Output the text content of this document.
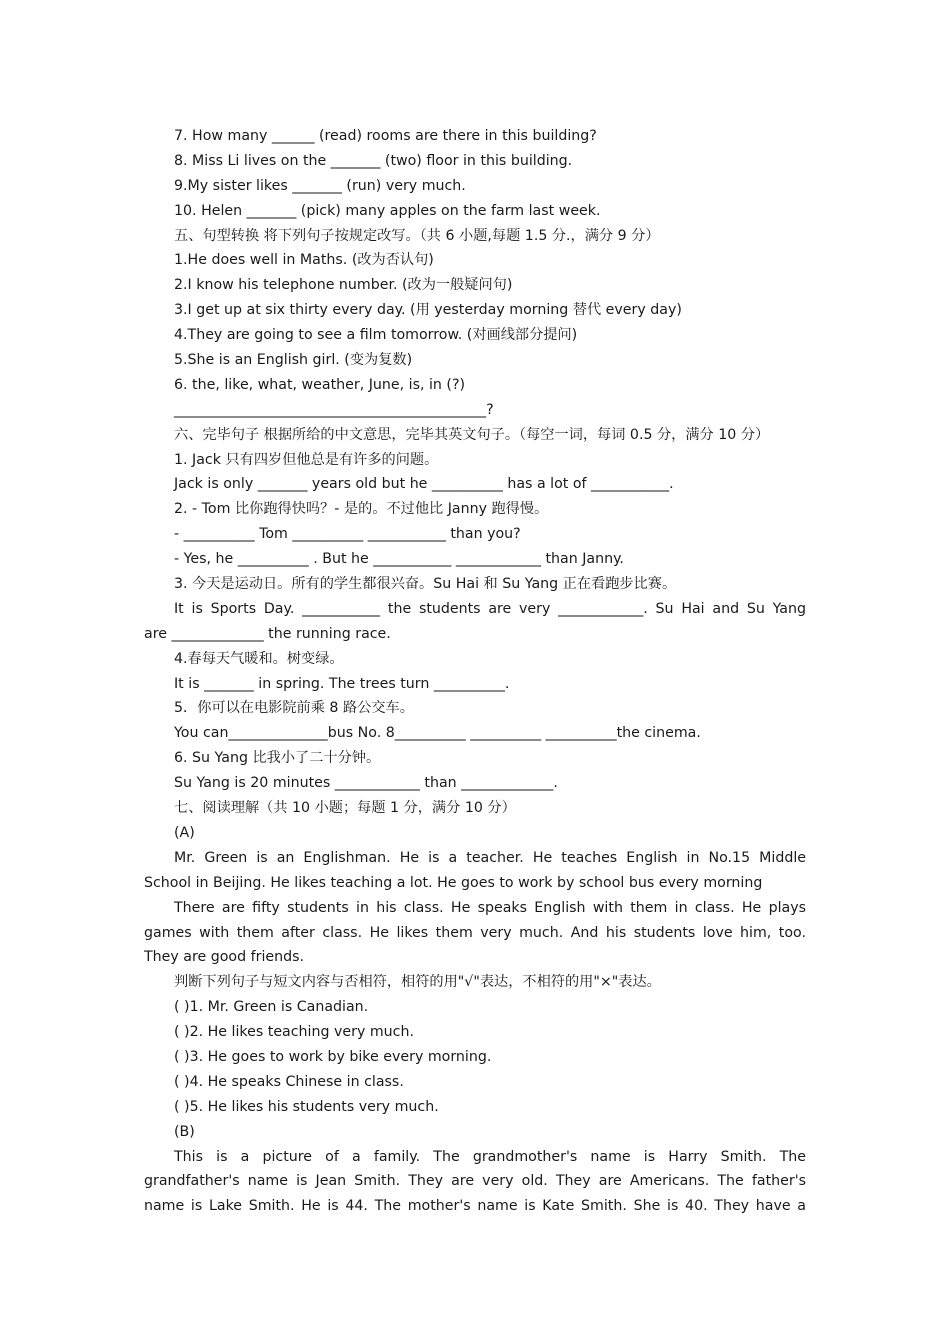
7. How many ______ (read) rooms are there in this building?
8. Miss Li lives on the _______ (two) floor in this building.
9.My sister likes _______ (run) very much.
10. Helen _______ (pick) many apples on the farm last week.
五、句型转换 将下列句子按规定改写。（共 6 小题,每题 1.5 分.，满分 9 分）
1.He does well in Maths. (改为否认句)
2.I know his telephone number. (改为一般疑问句)
3.I get up at six thirty every day. (用 yesterday morning 替代 every day)
4.They are going to see a film tomorrow. (对画线部分提问)
5.She is an English girl. (变为复数)
6. the, like, what, weather, June, is, in (?)
____________________________________________?
六、完毕句子 根据所给的中文意思，完毕其英文句子。（每空一词，每词 0.5 分，满分 10 分）
1. Jack 只有四岁但他总是有许多的问题。
Jack is only _______ years old but he __________ has a lot of ___________.
2. - Tom 比你跑得快吗？- 是的。不过他比 Janny 跑得慢。
- __________ Tom __________ ___________ than you?
- Yes, he __________ . But he ___________ ____________ than Janny.
3. 今天是运动日。所有的学生都很兴奋。Su Hai 和 Su Yang 正在看跑步比赛。
It is Sports Day. ___________ the students are very ____________. Su Hai and Su Yang
are _____________ the running race.
4.春每天气暖和。树变绿。
It is _______ in spring. The trees turn __________.
5．你可以在电影院前乘 8 路公交车。
You can______________bus No. 8__________ __________ __________the cinema.
6. Su Yang 比我小了二十分钟。
Su Yang is 20 minutes ____________ than _____________.
七、阅读理解（共 10 小题；每题 1 分，满分 10 分）
(A)
Mr. Green is an Englishman. He is a teacher. He teaches English in No.15 Middle
School in Beijing. He likes teaching a lot. He goes to work by school bus every morning
There are fifty students in his class. He speaks English with them in class. He plays
games with them after class. He likes them very much. And his students love him, too.
They are good friends.
判断下列句子与短文内容与否相符，相符的用"√"表达，不相符的用"×"表达。
( )1. Mr. Green is Canadian.
( )2. He likes teaching very much.
( )3. He goes to work by bike every morning.
( )4. He speaks Chinese in class.
( )5. He likes his students very much.
(B)
This is a picture of a family. The grandmother's name is Harry Smith. The
grandfather's name is Jean Smith. They are very old. They are Americans. The father's
name is Lake Smith. He is 44. The mother's name is Kate Smith. She is 40. They have a
